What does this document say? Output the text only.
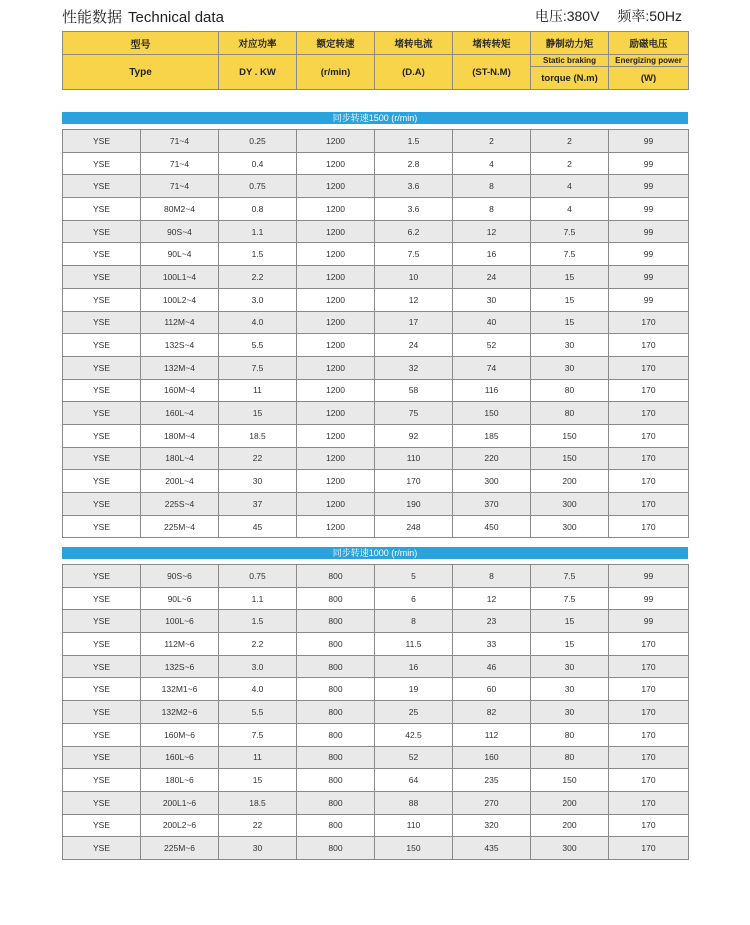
性能数据 Technical data	电压:380V 频率:50Hz
型号	对应功率	额定转速	堵转电流	堵转转矩	静制动力矩	励磁电压
Type	DY . KW	(r/min)	(D.A)	(ST-N.M)	Static braking	Energizing power
					torque (N.m)	(W)
同步转速1500 (r/min)
YSE	71~4	0.25	1200	1.5	2	2	99
YSE	71~4	0.4	1200	2.8	4	2	99
YSE	71~4	0.75	1200	3.6	8	4	99
YSE	80M2~4	0.8	1200	3.6	8	4	99
YSE	90S~4	1.1	1200	6.2	12	7.5	99
YSE	90L~4	1.5	1200	7.5	16	7.5	99
YSE	100L1~4	2.2	1200	10	24	15	99
YSE	100L2~4	3.0	1200	12	30	15	99
YSE	112M~4	4.0	1200	17	40	15	170
YSE	132S~4	5.5	1200	24	52	30	170
YSE	132M~4	7.5	1200	32	74	30	170
YSE	160M~4	11	1200	58	116	80	170
YSE	160L~4	15	1200	75	150	80	170
YSE	180M~4	18.5	1200	92	185	150	170
YSE	180L~4	22	1200	110	220	150	170
YSE	200L~4	30	1200	170	300	200	170
YSE	225S~4	37	1200	190	370	300	170
YSE	225M~4	45	1200	248	450	300	170
同步转速1000 (r/min)
YSE	90S~6	0.75	800	5	8	7.5	99
YSE	90L~6	1.1	800	6	12	7.5	99
YSE	100L~6	1.5	800	8	23	15	99
YSE	112M~6	2.2	800	11.5	33	15	170
YSE	132S~6	3.0	800	16	46	30	170
YSE	132M1~6	4.0	800	19	60	30	170
YSE	132M2~6	5.5	800	25	82	30	170
YSE	160M~6	7.5	800	42.5	112	80	170
YSE	160L~6	11	800	52	160	80	170
YSE	180L~6	15	800	64	235	150	170
YSE	200L1~6	18.5	800	88	270	200	170
YSE	200L2~6	22	800	110	320	200	170
YSE	225M~6	30	800	150	435	300	170
